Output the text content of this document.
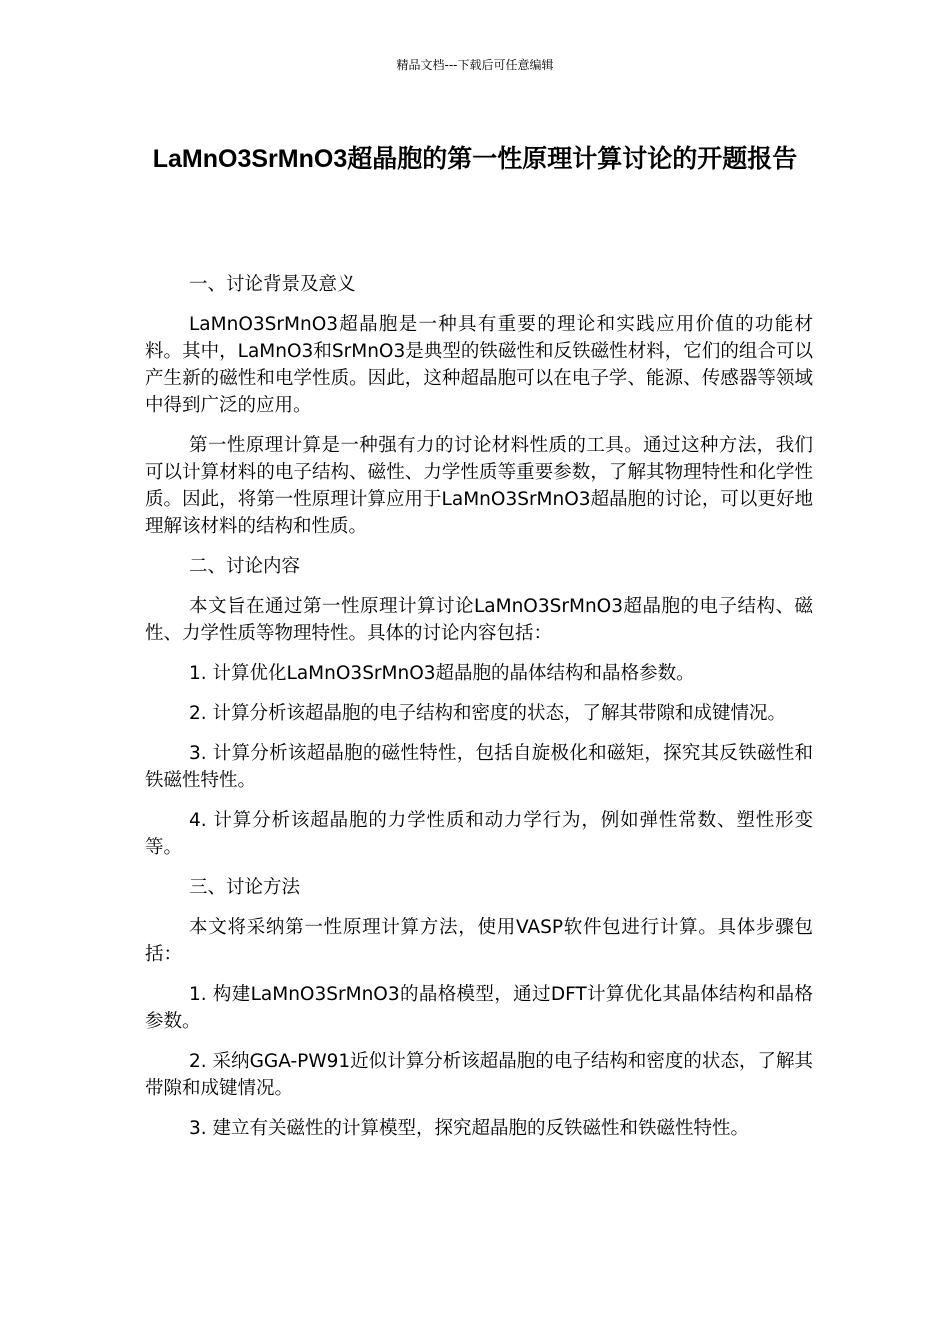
精品文档---下载后可任意编辑
LaMnO3SrMnO3超晶胞的第一性原理计算讨论的开题报告

一、讨论背景及意义

LaMnO3SrMnO3超晶胞是一种具有重要的理论和实践应用价值的功能材料。其中，LaMnO3和SrMnO3是典型的铁磁性和反铁磁性材料，它们的组合可以产生新的磁性和电学性质。因此，这种超晶胞可以在电子学、能源、传感器等领域中得到广泛的应用。

第一性原理计算是一种强有力的讨论材料性质的工具。通过这种方法，我们可以计算材料的电子结构、磁性、力学性质等重要参数，了解其物理特性和化学性质。因此，将第一性原理计算应用于LaMnO3SrMnO3超晶胞的讨论，可以更好地理解该材料的结构和性质。

二、讨论内容

本文旨在通过第一性原理计算讨论LaMnO3SrMnO3超晶胞的电子结构、磁性、力学性质等物理特性。具体的讨论内容包括：

1. 计算优化LaMnO3SrMnO3超晶胞的晶体结构和晶格参数。

2. 计算分析该超晶胞的电子结构和密度的状态，了解其带隙和成键情况。

3. 计算分析该超晶胞的磁性特性，包括自旋极化和磁矩，探究其反铁磁性和铁磁性特性。

4. 计算分析该超晶胞的力学性质和动力学行为，例如弹性常数、塑性形变等。

三、讨论方法

本文将采纳第一性原理计算方法，使用VASP软件包进行计算。具体步骤包括：

1. 构建LaMnO3SrMnO3的晶格模型，通过DFT计算优化其晶体结构和晶格参数。

2. 采纳GGA-PW91近似计算分析该超晶胞的电子结构和密度的状态，了解其带隙和成键情况。

3. 建立有关磁性的计算模型，探究超晶胞的反铁磁性和铁磁性特性。
